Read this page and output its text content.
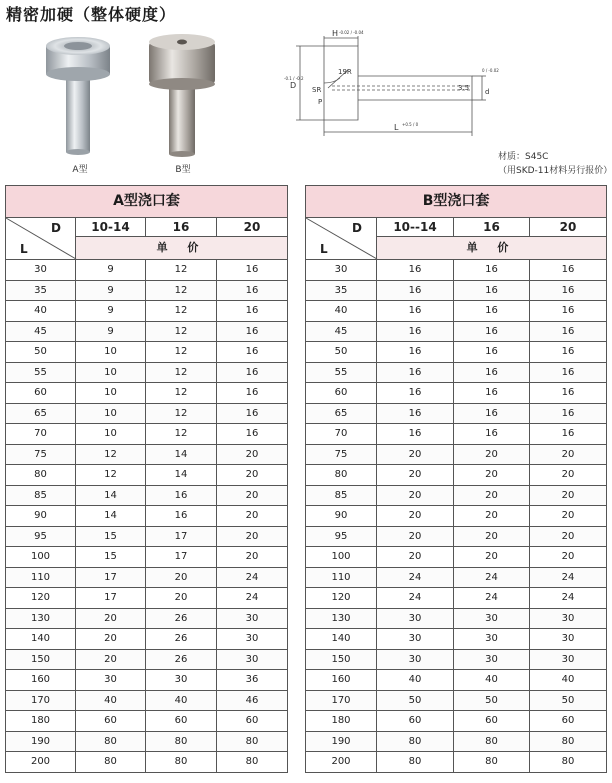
精密加硬（整体硬度）
A型	B型
H -0.02 / -0.04
D
-0.1 / -0.2
SR
19R
P
L +0.5 / 0
3.5 d
0 / -0.02
材质：S45C
（用SKD-11材料另行报价）
A型浇口套			

D
L	10-14	16	20
	单 价		
30	9	12	16
35	9	12	16
40	9	12	16
45	9	12	16
50	10	12	16
55	10	12	16
60	10	12	16
65	10	12	16
70	10	12	16
75	12	14	20
80	12	14	20
85	14	16	20
90	14	16	20
95	15	17	20
100	15	17	20
110	17	20	24
120	17	20	24
130	20	26	30
140	20	26	30
150	20	26	30
160	30	30	36
170	40	40	46
180	60	60	60
190	80	80	80
200	80	80	80
B型浇口套			

D
L	10--14	16	20
	单 价		
30	16	16	16
35	16	16	16
40	16	16	16
45	16	16	16
50	16	16	16
55	16	16	16
60	16	16	16
65	16	16	16
70	16	16	16
75	20	20	20
80	20	20	20
85	20	20	20
90	20	20	20
95	20	20	20
100	20	20	20
110	24	24	24
120	24	24	24
130	30	30	30
140	30	30	30
150	30	30	30
160	40	40	40
170	50	50	50
180	60	60	60
190	80	80	80
200	80	80	80
